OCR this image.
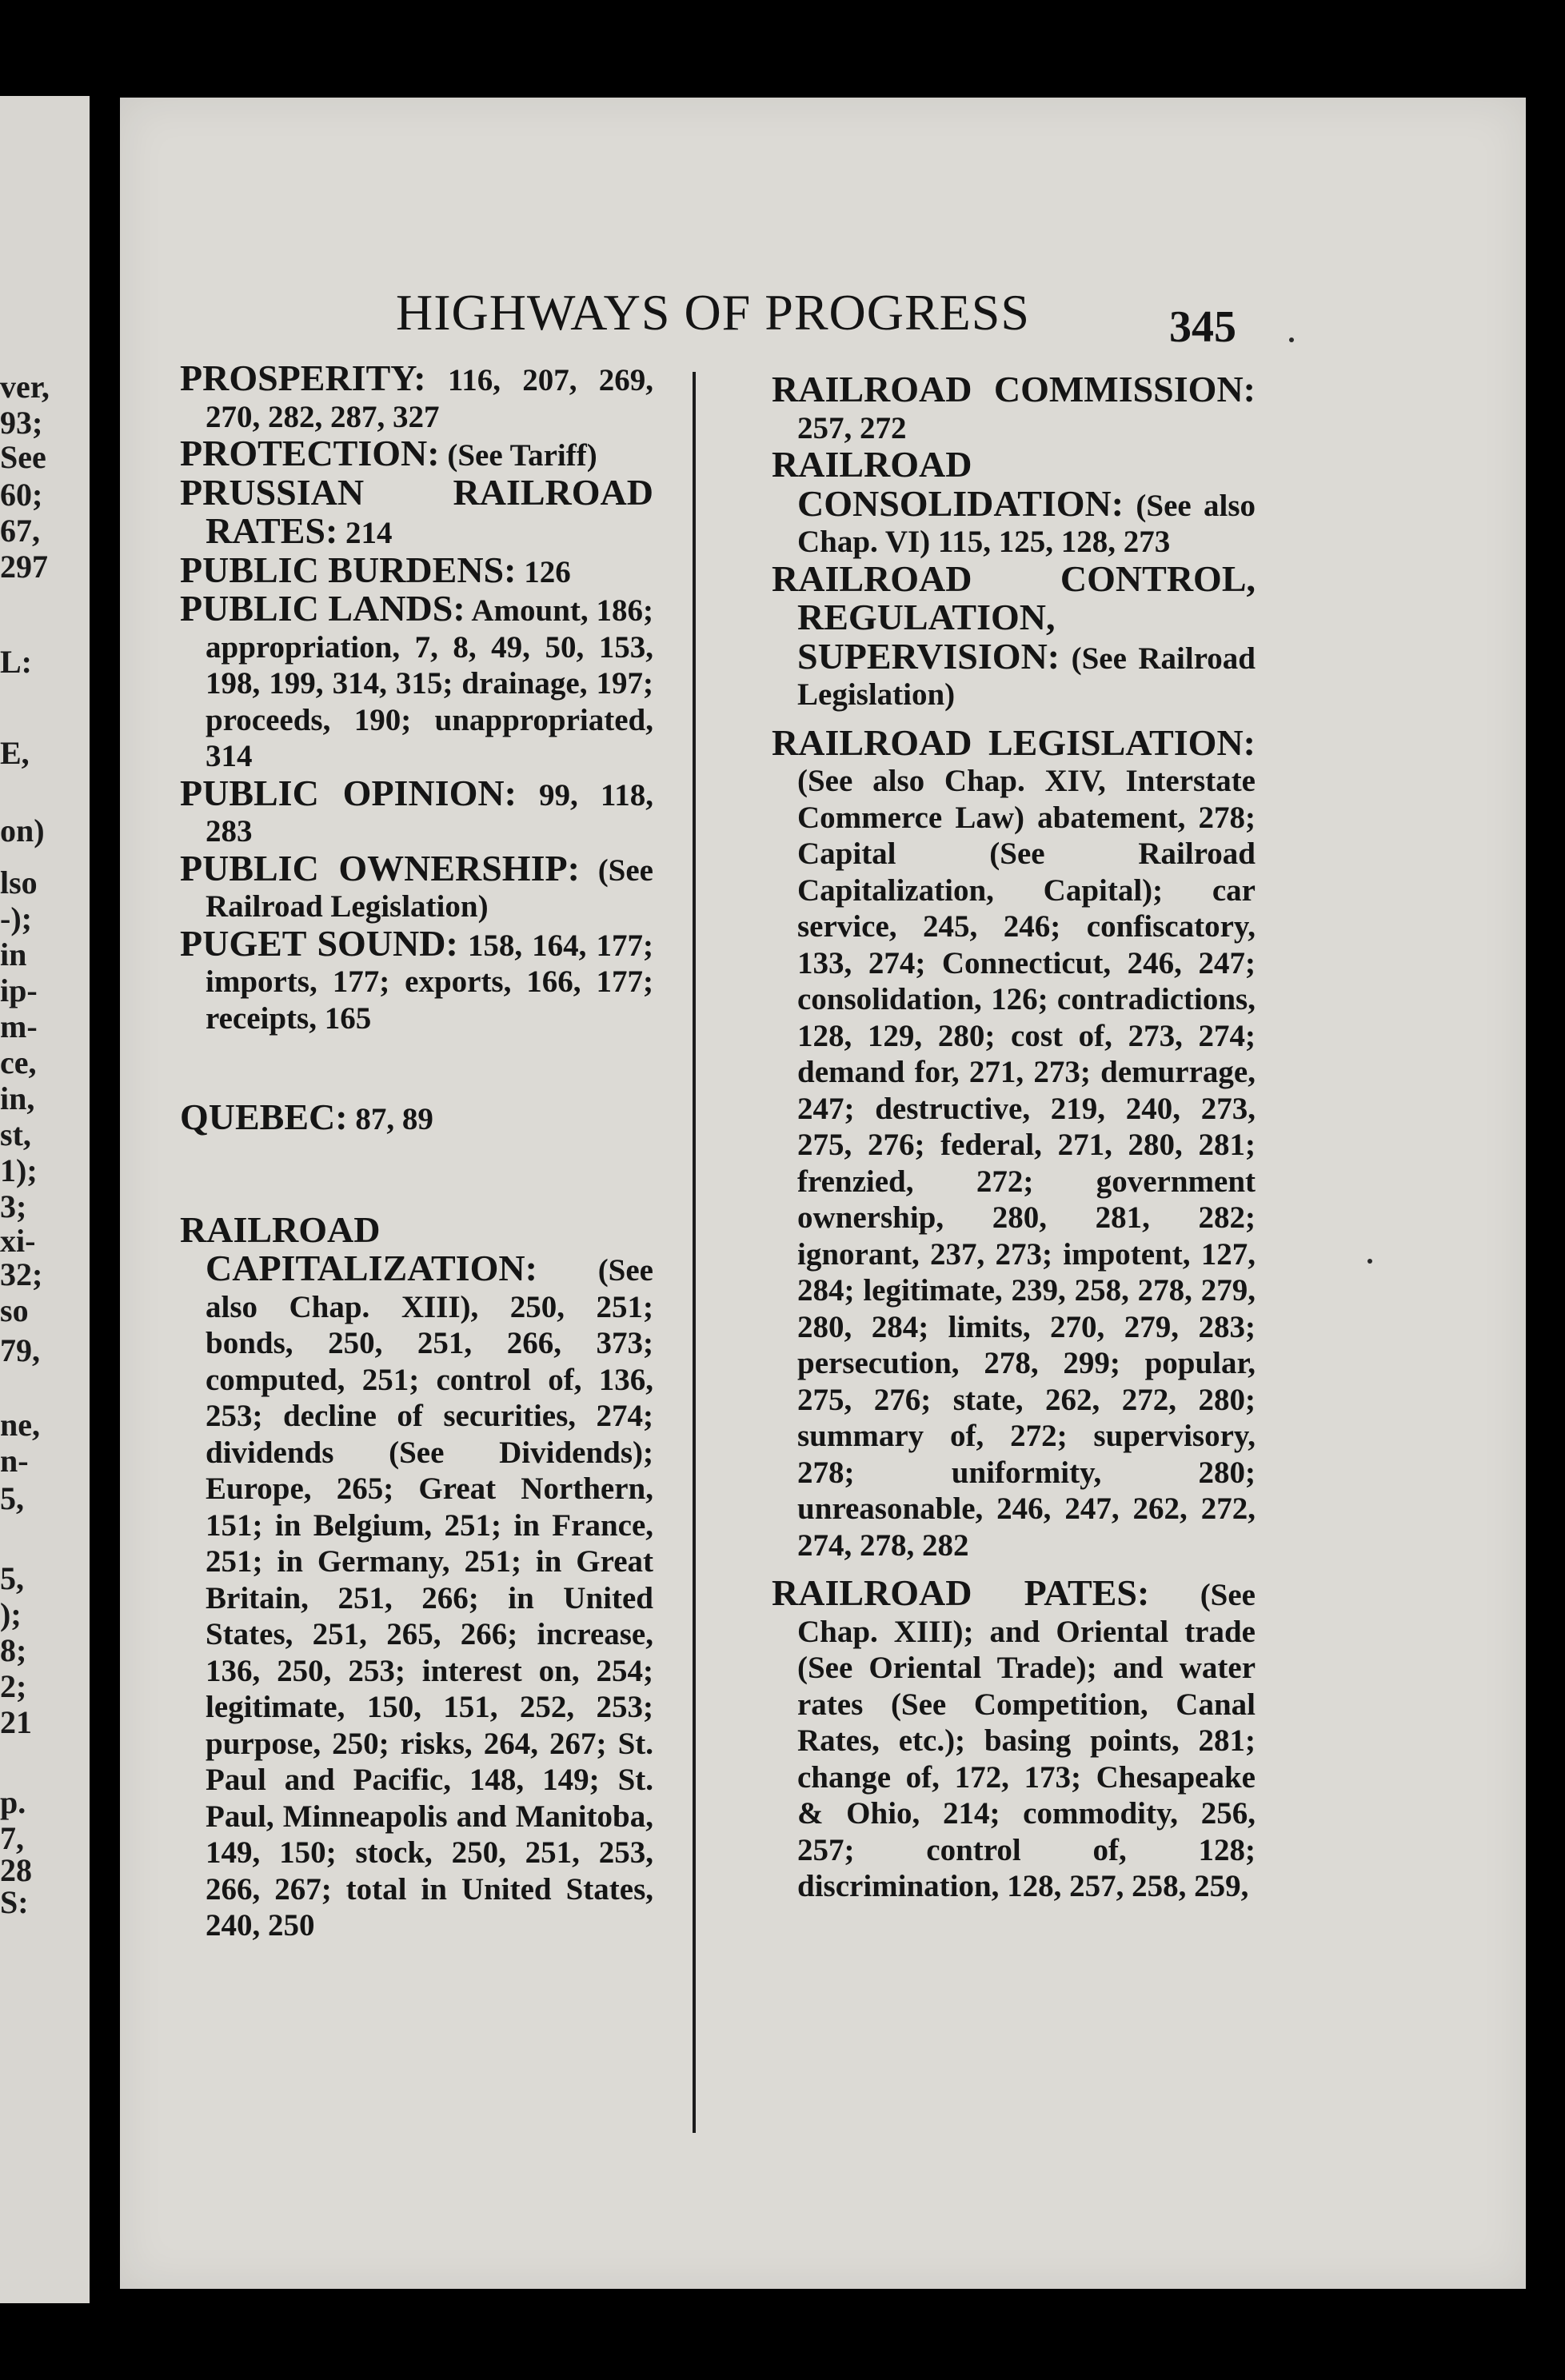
ver,
93;
See
60;
67,
297
L:
E,
on)
lso
-);
in
ip-
m-
ce,
in,
st,
1);
3;
xi-
32;
so
79,
ne,
n-
5,
5,
);
8;
2;
21
p.
7,
28
S:
HIGHWAYS OF PROGRESS	345

PROSPERITY: 116, 207, 269, 270, 282, 287, 327

PROTECTION: (See Tariff)

PRUSSIAN RAILROAD RATES: 214

PUBLIC BURDENS: 126

PUBLIC LANDS: Amount, 186; appropriation, 7, 8, 49, 50, 153, 198, 199, 314, 315; drainage, 197; proceeds, 190; unappropriated, 314

PUBLIC OPINION: 99, 118, 283

PUBLIC OWNERSHIP: (See Railroad Legislation)

PUGET SOUND: 158, 164, 177; imports, 177; exports, 166, 177; receipts, 165

QUEBEC: 87, 89

RAILROAD CAPITALIZATION: (See also Chap. XIII), 250, 251; bonds, 250, 251, 266, 373; computed, 251; control of, 136, 253; decline of securities, 274; dividends (See Dividends); Europe, 265; Great Northern, 151; in Belgium, 251; in France, 251; in Germany, 251; in Great Britain, 251, 266; in United States, 251, 265, 266; increase, 136, 250, 253; interest on, 254; legitimate, 150, 151, 252, 253; purpose, 250; risks, 264, 267; St. Paul and Pacific, 148, 149; St. Paul, Minneapolis and Manitoba, 149, 150; stock, 250, 251, 253, 266, 267; total in United States, 240, 250

RAILROAD COMMISSION: 257, 272

RAILROAD CONSOLIDATION: (See also Chap. VI) 115, 125, 128, 273

RAILROAD CONTROL, REGULATION, SUPERVISION: (See Railroad Legislation)

RAILROAD LEGISLATION: (See also Chap. XIV, Interstate Commerce Law) abatement, 278; Capital (See Railroad Capitalization, Capital); car service, 245, 246; confiscatory, 133, 274; Connecticut, 246, 247; consolidation, 126; contradictions, 128, 129, 280; cost of, 273, 274; demand for, 271, 273; demurrage, 247; destructive, 219, 240, 273, 275, 276; federal, 271, 280, 281; frenzied, 272; government ownership, 280, 281, 282; ignorant, 237, 273; impotent, 127, 284; legitimate, 239, 258, 278, 279, 280, 284; limits, 270, 279, 283; persecution, 278, 299; popular, 275, 276; state, 262, 272, 280; summary of, 272; supervisory, 278; uniformity, 280; unreasonable, 246, 247, 262, 272, 274, 278, 282

RAILROAD PATES: (See Chap. XIII); and Oriental trade (See Oriental Trade); and water rates (See Competition, Canal Rates, etc.); basing points, 281; change of, 172, 173; Chesapeake & Ohio, 214; commodity, 256, 257; control of, 128; discrimination, 128, 257, 258, 259,
